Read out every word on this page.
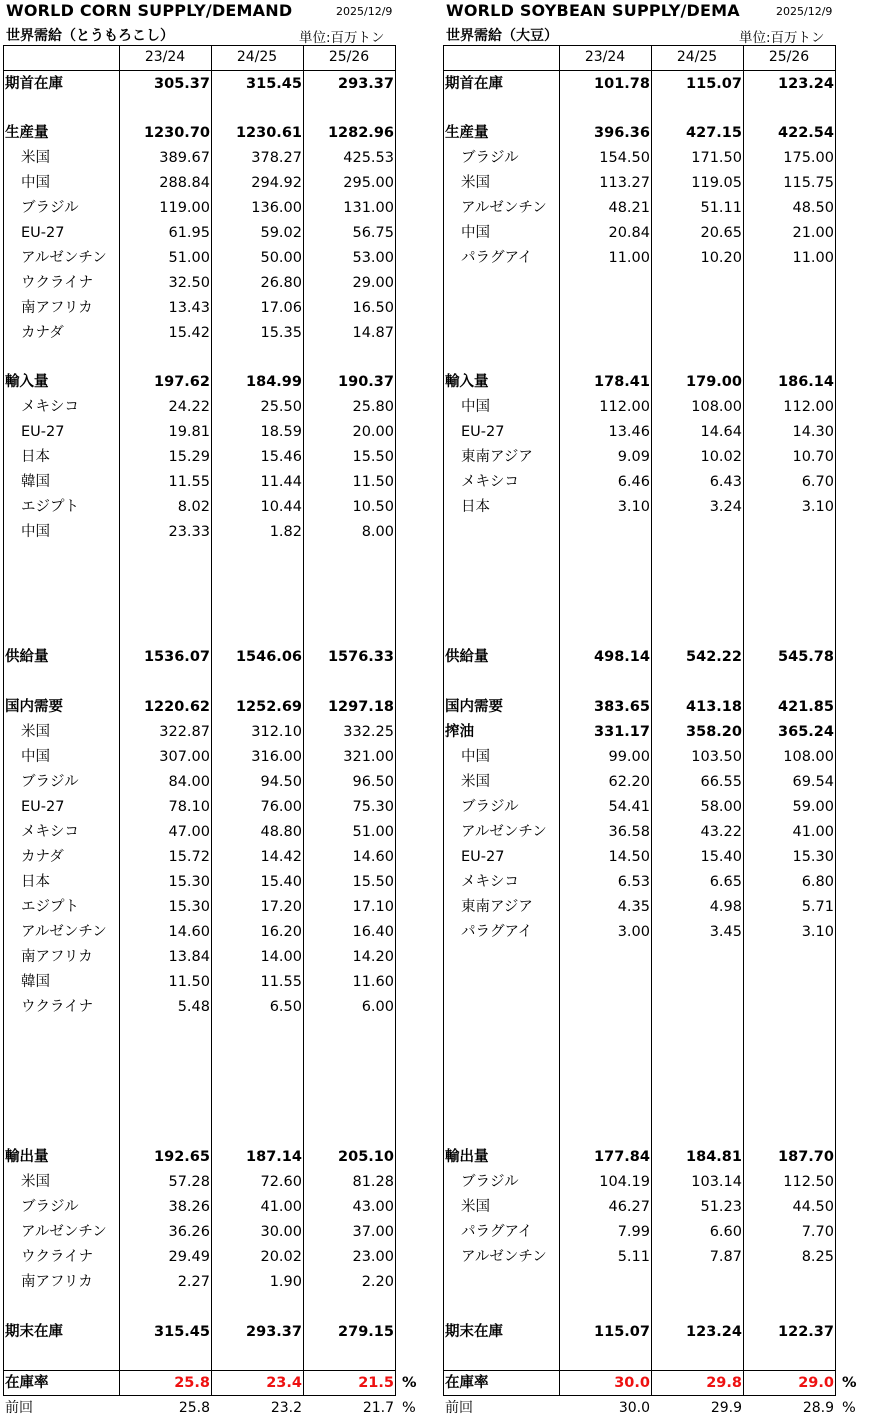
WORLD CORN SUPPLY/DEMAND	2025/12/9
世界需給（とうもろこし）	単位:百万トン
23/24	24/25	25/26
期首在庫	305.37	315.45	293.37
生産量	1230.70	1230.61	1282.96
米国	389.67	378.27	425.53
中国	288.84	294.92	295.00
ブラジル	119.00	136.00	131.00
EU-27	61.95	59.02	56.75
アルゼンチン	51.00	50.00	53.00
ウクライナ	32.50	26.80	29.00
南アフリカ	13.43	17.06	16.50
カナダ	15.42	15.35	14.87
輸入量	197.62	184.99	190.37
メキシコ	24.22	25.50	25.80
EU-27	19.81	18.59	20.00
日本	15.29	15.46	15.50
韓国	11.55	11.44	11.50
エジプト	8.02	10.44	10.50
中国	23.33	1.82	8.00
供給量	1536.07	1546.06	1576.33
国内需要	1220.62	1252.69	1297.18
米国	322.87	312.10	332.25
中国	307.00	316.00	321.00
ブラジル	84.00	94.50	96.50
EU-27	78.10	76.00	75.30
メキシコ	47.00	48.80	51.00
カナダ	15.72	14.42	14.60
日本	15.30	15.40	15.50
エジプト	15.30	17.20	17.10
アルゼンチン	14.60	16.20	16.40
南アフリカ	13.84	14.00	14.20
韓国	11.50	11.55	11.60
ウクライナ	5.48	6.50	6.00
輸出量	192.65	187.14	205.10
米国	57.28	72.60	81.28
ブラジル	38.26	41.00	43.00
アルゼンチン	36.26	30.00	37.00
ウクライナ	29.49	20.02	23.00
南アフリカ	2.27	1.90	2.20
期末在庫	315.45	293.37	279.15
在庫率	25.8	23.4	21.5 %
前回	25.8	23.2	21.7 %
WORLD SOYBEAN SUPPLY/DEMA	2025/12/9
世界需給（大豆）	単位:百万トン
23/24	24/25	25/26
期首在庫	101.78	115.07	123.24
生産量	396.36	427.15	422.54
ブラジル	154.50	171.50	175.00
米国	113.27	119.05	115.75
アルゼンチン	48.21	51.11	48.50
中国	20.84	20.65	21.00
パラグアイ	11.00	10.20	11.00
輸入量	178.41	179.00	186.14
中国	112.00	108.00	112.00
EU-27	13.46	14.64	14.30
東南アジア	9.09	10.02	10.70
メキシコ	6.46	6.43	6.70
日本	3.10	3.24	3.10
供給量	498.14	542.22	545.78
国内需要	383.65	413.18	421.85
搾油	331.17	358.20	365.24
中国	99.00	103.50	108.00
米国	62.20	66.55	69.54
ブラジル	54.41	58.00	59.00
アルゼンチン	36.58	43.22	41.00
EU-27	14.50	15.40	15.30
メキシコ	6.53	6.65	6.80
東南アジア	4.35	4.98	5.71
パラグアイ	3.00	3.45	3.10
輸出量	177.84	184.81	187.70
ブラジル	104.19	103.14	112.50
米国	46.27	51.23	44.50
パラグアイ	7.99	6.60	7.70
アルゼンチン	5.11	7.87	8.25
期末在庫	115.07	123.24	122.37
在庫率	30.0	29.8	29.0 %
前回	30.0	29.9	28.9 %
